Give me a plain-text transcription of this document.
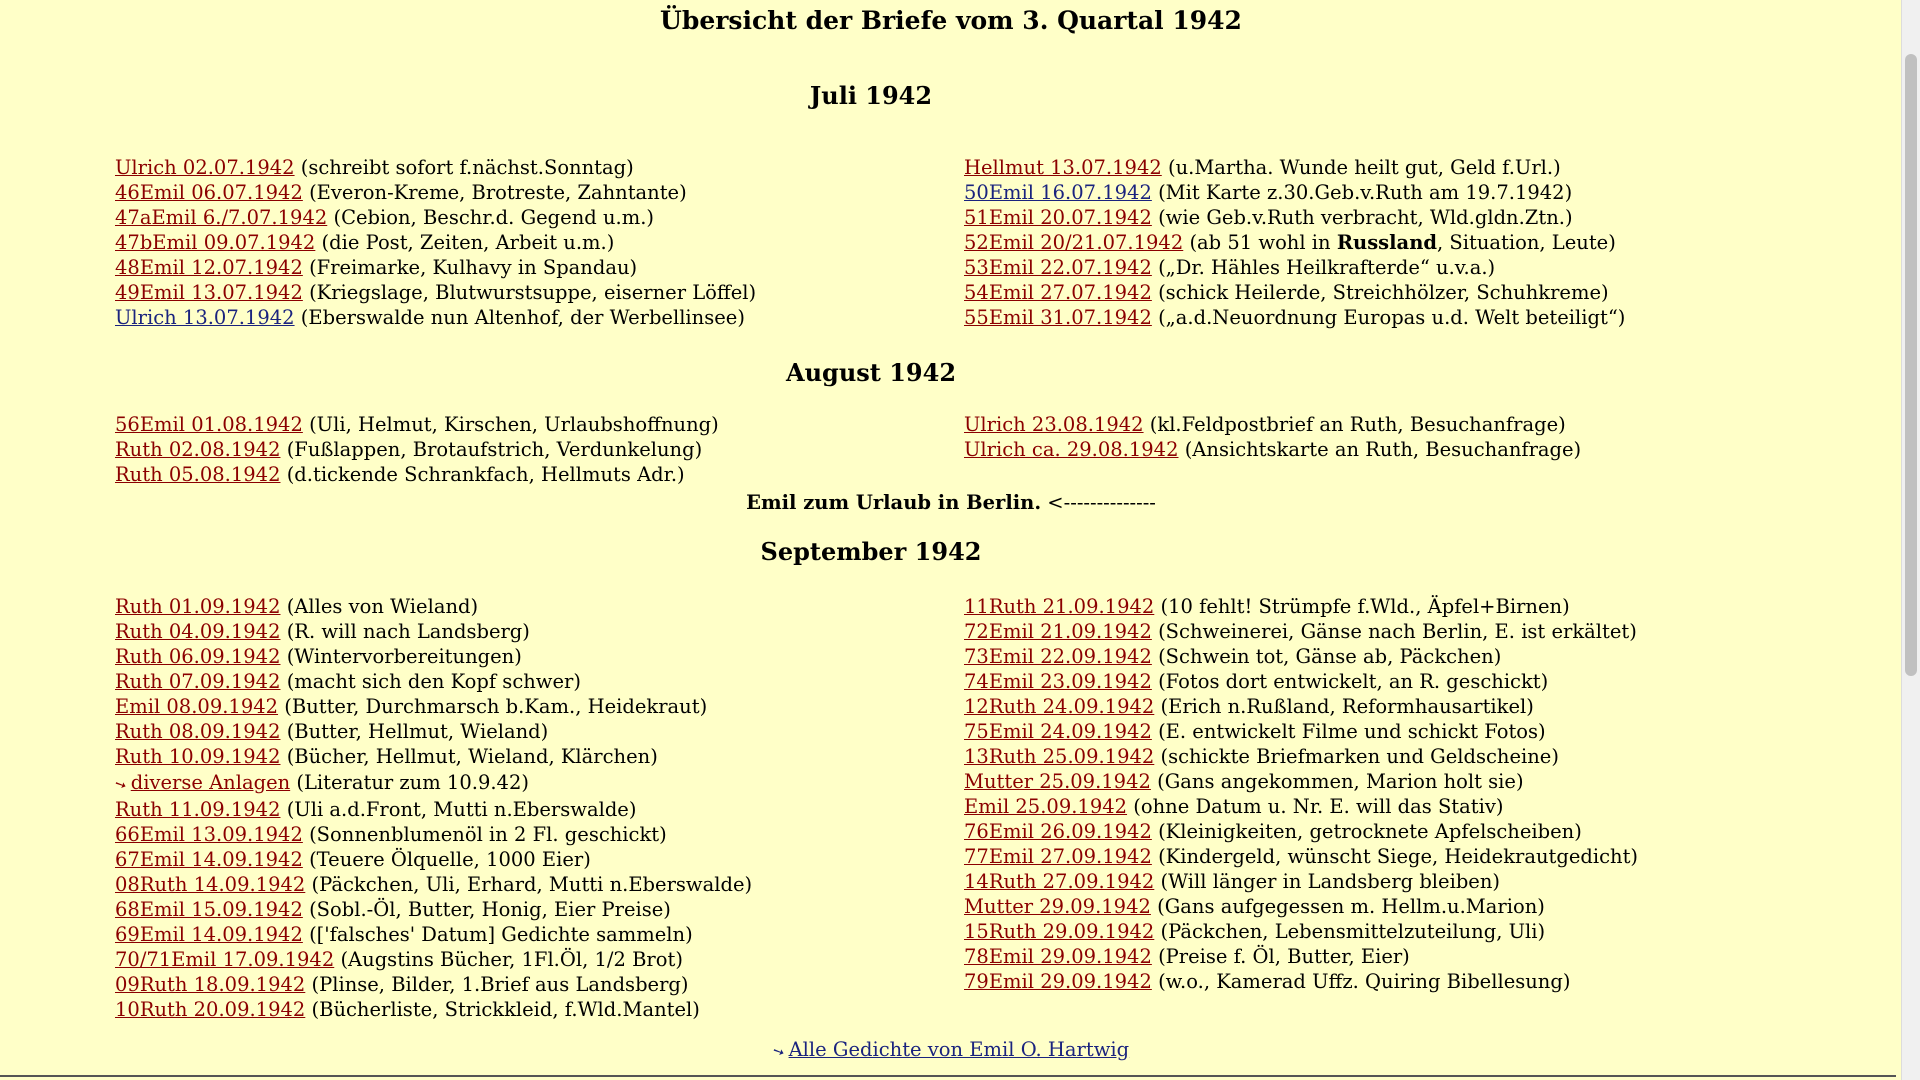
Übersicht der Briefe vom 3. Quartal 1942
Juli 1942
Ulrich 02.07.1942 (schreibt sofort f.nächst.Sonntag)
46Emil 06.07.1942 (Everon-Kreme, Brotreste, Zahntante)
47aEmil 6./7.07.1942 (Cebion, Beschr.d. Gegend u.m.)
47bEmil 09.07.1942 (die Post, Zeiten, Arbeit u.m.)
48Emil 12.07.1942 (Freimarke, Kulhavy in Spandau)
49Emil 13.07.1942 (Kriegslage, Blutwurstsuppe, eiserner Löffel)
Ulrich 13.07.1942 (Eberswalde nun Altenhof, der Werbellinsee)
Hellmut 13.07.1942 (u.Martha. Wunde heilt gut, Geld f.Url.)
50Emil 16.07.1942 (Mit Karte z.30.Geb.v.Ruth am 19.7.1942)
51Emil 20.07.1942 (wie Geb.v.Ruth verbracht, Wld.gldn.Ztn.)
52Emil 20/21.07.1942 (ab 51 wohl in Russland, Situation, Leute)
53Emil 22.07.1942 („Dr. Hähles Heilkrafterde“ u.v.a.)
54Emil 27.07.1942 (schick Heilerde, Streichhölzer, Schuhkreme)
55Emil 31.07.1942 („a.d.Neuordnung Europas u.d. Welt beteiligt“)
August 1942
56Emil 01.08.1942 (Uli, Helmut, Kirschen, Urlaubshoffnung)
Ruth 02.08.1942 (Fußlappen, Brotaufstrich, Verdunkelung)
Ruth 05.08.1942 (d.tickende Schrankfach, Hellmuts Adr.)
Ulrich 23.08.1942 (kl.Feldpostbrief an Ruth, Besuchanfrage)
Ulrich ca. 29.08.1942 (Ansichtskarte an Ruth, Besuchanfrage)
Emil zum Urlaub in Berlin. <--------------
September 1942
Ruth 01.09.1942 (Alles von Wieland)
Ruth 04.09.1942 (R. will nach Landsberg)
Ruth 06.09.1942 (Wintervorbereitungen)
Ruth 07.09.1942 (macht sich den Kopf schwer)
Emil 08.09.1942 (Butter, Durchmarsch b.Kam., Heidekraut)
Ruth 08.09.1942 (Butter, Hellmut, Wieland)
Ruth 10.09.1942 (Bücher, Hellmut, Wieland, Klärchen)
➘diverse Anlagen (Literatur zum 10.9.42)
Ruth 11.09.1942 (Uli a.d.Front, Mutti n.Eberswalde)
66Emil 13.09.1942 (Sonnenblumenöl in 2 Fl. geschickt)
67Emil 14.09.1942 (Teuere Ölquelle, 1000 Eier)
08Ruth 14.09.1942 (Päckchen, Uli, Erhard, Mutti n.Eberswalde)
68Emil 15.09.1942 (Sobl.-Öl, Butter, Honig, Eier Preise)
69Emil 14.09.1942 (['falsches' Datum] Gedichte sammeln)
70/71Emil 17.09.1942 (Augstins Bücher, 1Fl.Öl, 1/2 Brot)
09Ruth 18.09.1942 (Plinse, Bilder, 1.Brief aus Landsberg)
10Ruth 20.09.1942 (Bücherliste, Strickkleid, f.Wld.Mantel)
11Ruth 21.09.1942 (10 fehlt! Strümpfe f.Wld., Äpfel+Birnen)
72Emil 21.09.1942 (Schweinerei, Gänse nach Berlin, E. ist erkältet)
73Emil 22.09.1942 (Schwein tot, Gänse ab, Päckchen)
74Emil 23.09.1942 (Fotos dort entwickelt, an R. geschickt)
12Ruth 24.09.1942 (Erich n.Rußland, Reformhausartikel)
75Emil 24.09.1942 (E. entwickelt Filme und schickt Fotos)
13Ruth 25.09.1942 (schickte Briefmarken und Geldscheine)
Mutter 25.09.1942 (Gans angekommen, Marion holt sie)
Emil 25.09.1942 (ohne Datum u. Nr. E. will das Stativ)
76Emil 26.09.1942 (Kleinigkeiten, getrocknete Apfelscheiben)
77Emil 27.09.1942 (Kindergeld, wünscht Siege, Heidekrautgedicht)
14Ruth 27.09.1942 (Will länger in Landsberg bleiben)
Mutter 29.09.1942 (Gans aufgegessen m. Hellm.u.Marion)
15Ruth 29.09.1942 (Päckchen, Lebensmittelzuteilung, Uli)
78Emil 29.09.1942 (Preise f. Öl, Butter, Eier)
79Emil 29.09.1942 (w.o., Kamerad Uffz. Quiring Bibellesung)
➘Alle Gedichte von Emil O. Hartwig
